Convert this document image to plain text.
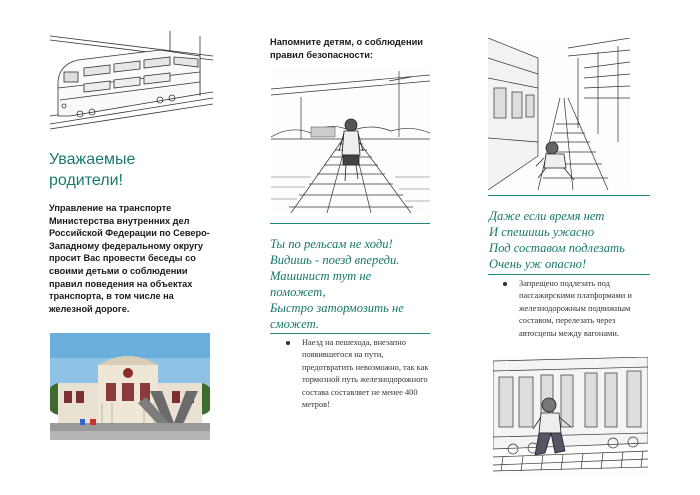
Уважаемые
родители!
Управление на транспорте Министерства внутренних дел Российской Федерации по Северо-Западному федеральному округу просит Вас провести беседы со своими детьми о соблюдении правил поведения на объектах транспорта, в том числе на железной дороге.
Напомните детям, о соблюдении правил безопасности:
Ты по рельсам не ходи!
Видишь - поезд впереди.
Машинист тут не
поможет,
Быстро затормозить не
сможет.
Наезд на пешехода, внезапно появившегося на пути, предотвратить невозможно, так как тормозной путь железнодорожного состава составляет не менее 400 метров!
Даже если время нет
И спешишь ужасно
Под составом подлезать
Очень уж опасно!
Запрещено подлезать под пассажирскими платформами и железнодорожным подвижным составом, перелезать через автосцепы между вагонами.
